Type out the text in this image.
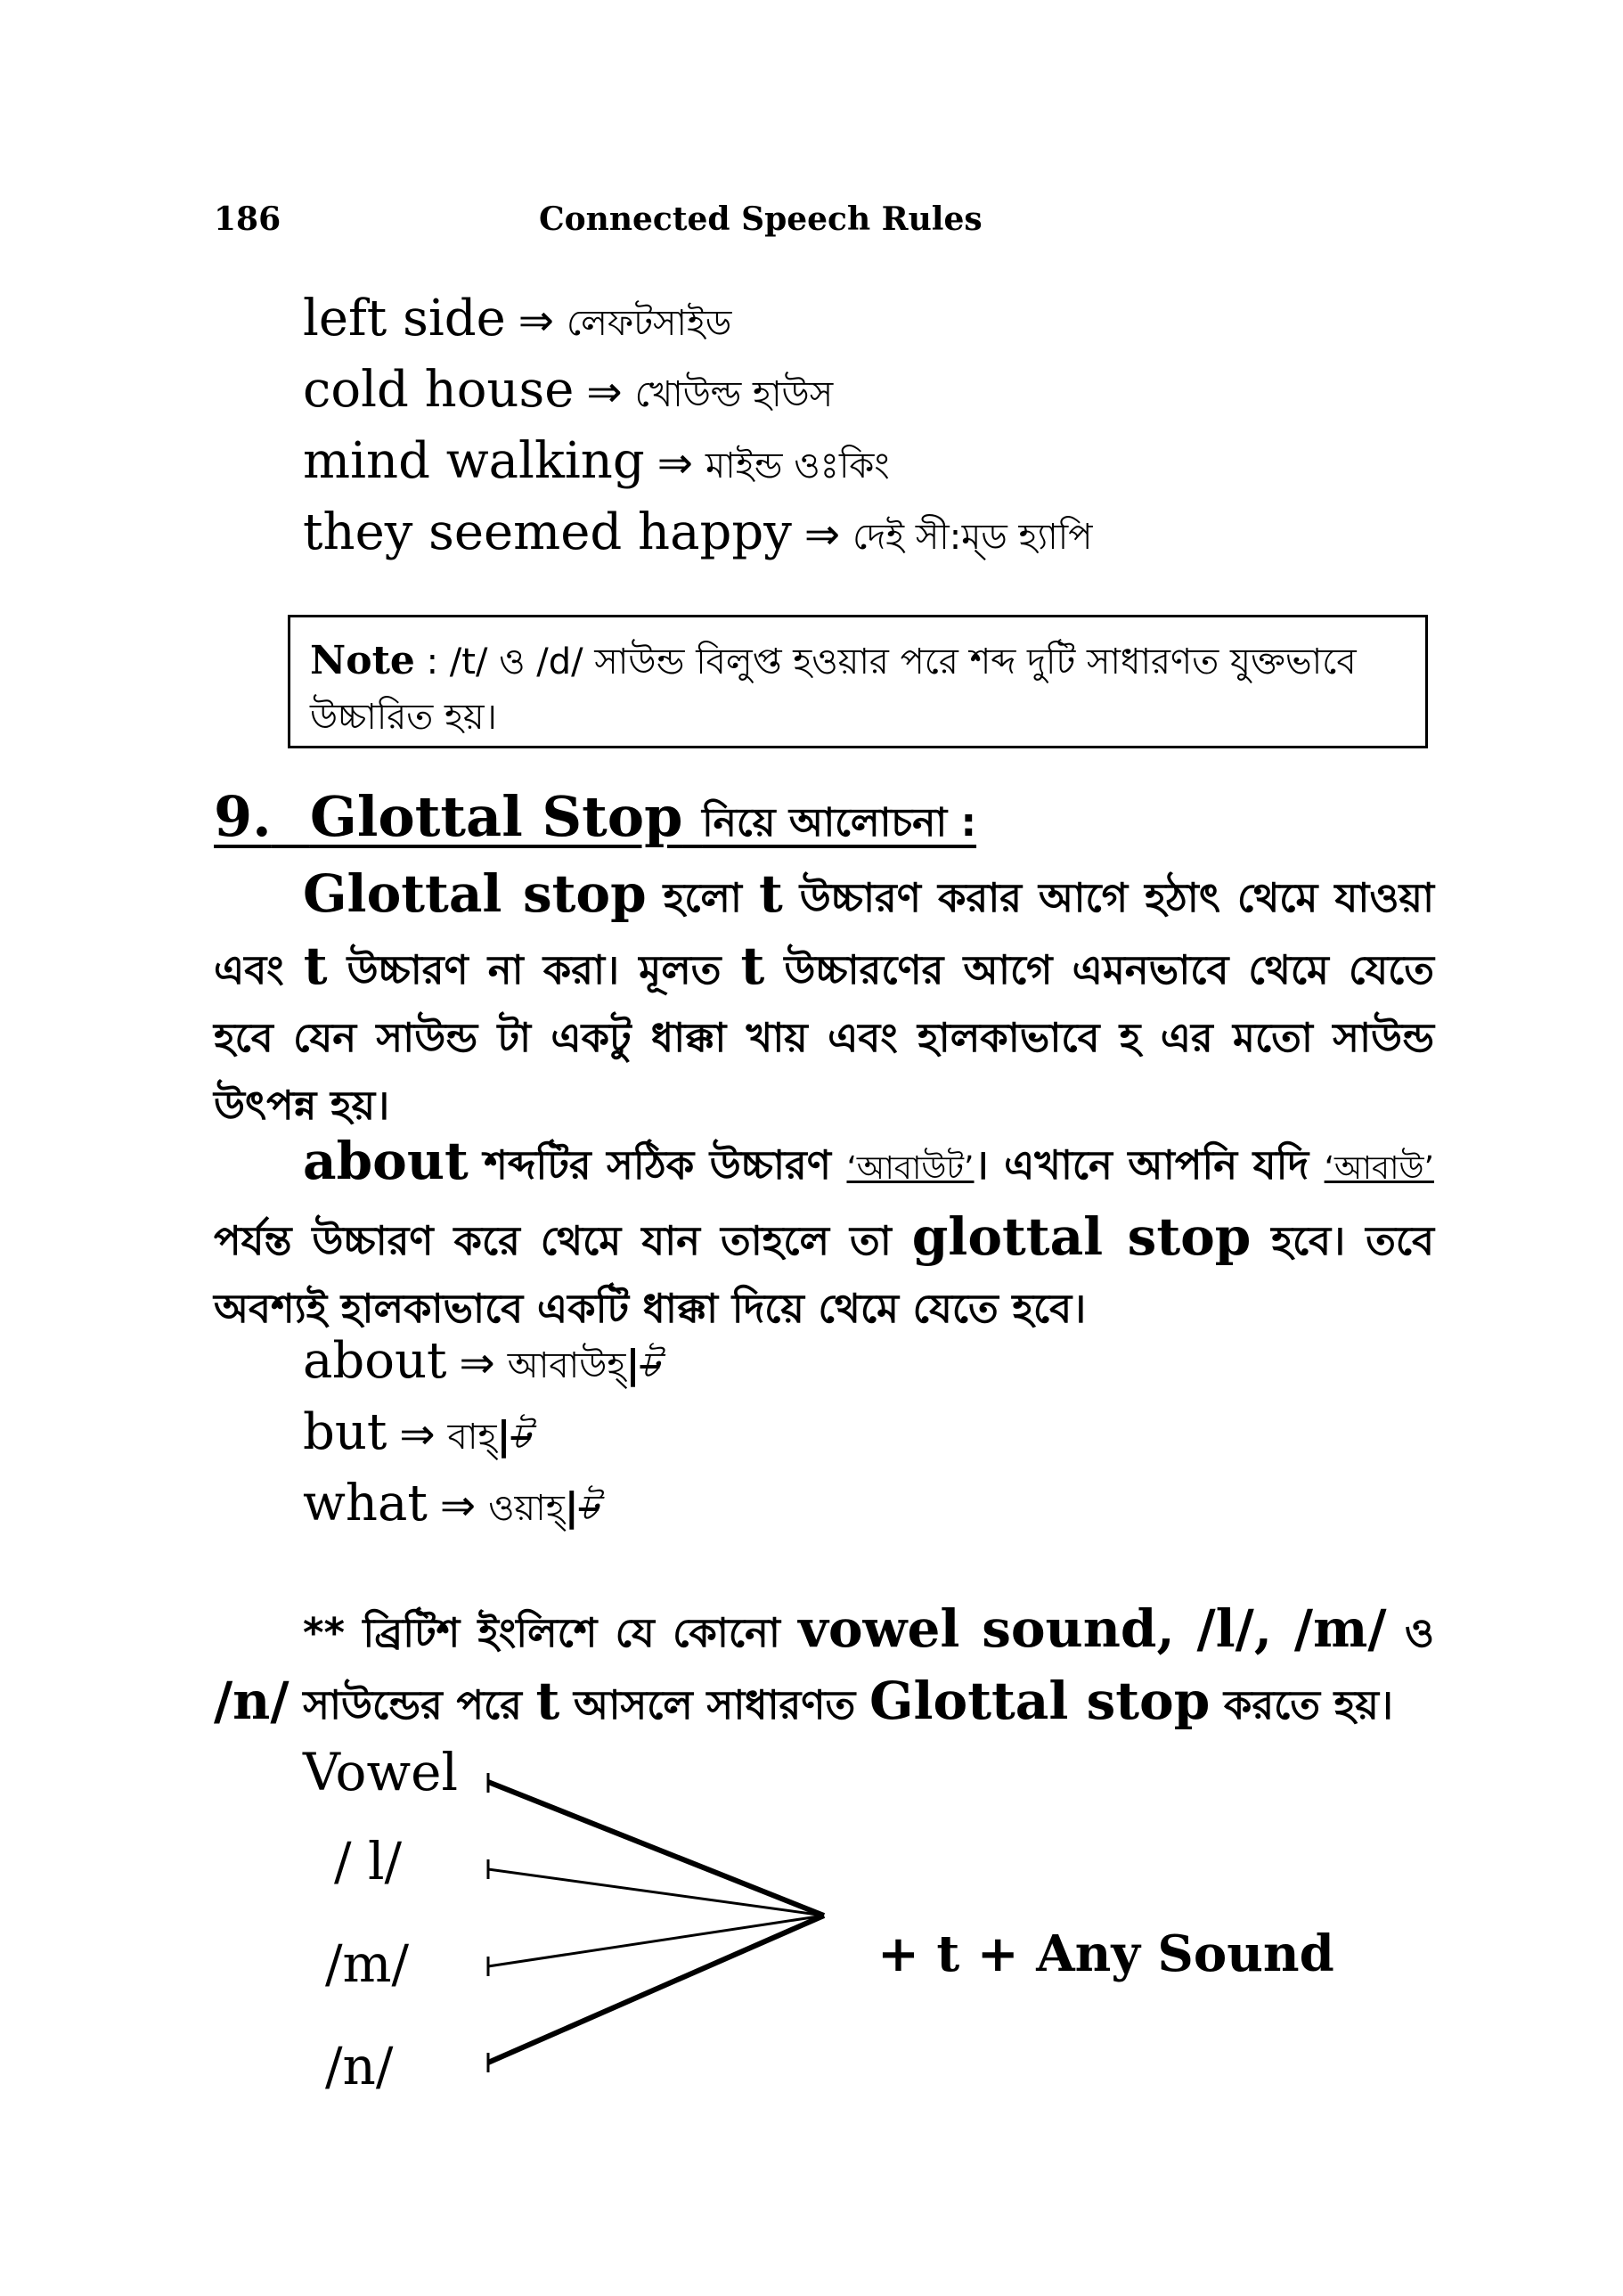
186	Connected Speech Rules
left side ⇒ লেফটসাইড
cold house ⇒ খোউল্ড হাউস
mind walking ⇒ মাইন্ড ওঃকিং
they seemed happy ⇒ দেই সী:ম্‌ড হ্যাপি
Note : /t/ ও /d/ সাউন্ড বিলুপ্ত হওয়ার পরে শব্দ দুটি সাধারণত যুক্তভাবে উচ্চারিত হয়।
9. Glottal Stop নিয়ে আলোচনা :
Glottal stop হলো t উচ্চারণ করার আগে হঠাৎ থেমে যাওয়া এবং t উচ্চারণ না করা। মূলত t উচ্চারণের আগে এমনভাবে থেমে যেতে হবে যেন সাউন্ড টা একটু ধাক্কা খায় এবং হালকাভাবে হ এর মতো সাউন্ড উৎপন্ন হয়।
about শব্দটির সঠিক উচ্চারণ ‘আবাউট’। এখানে আপনি যদি ‘আবাউ’ পর্যন্ত উচ্চারণ করে থেমে যান তাহলে তা glottal stop হবে। তবে অবশ্যই হালকাভাবে একটি ধাক্কা দিয়ে থেমে যেতে হবে।
about ⇒ আবাউহ্|ট
but ⇒ বাহ্|ট
what ⇒ ওয়াহ্|ট
** ব্রিটিশ ইংলিশে যে কোনো vowel sound, /l/, /m/ ও /n/ সাউন্ডের পরে t আসলে সাধারণত Glottal stop করতে হয়।
Vowel
/ l/
/m/
/n/
+ t + Any Sound
